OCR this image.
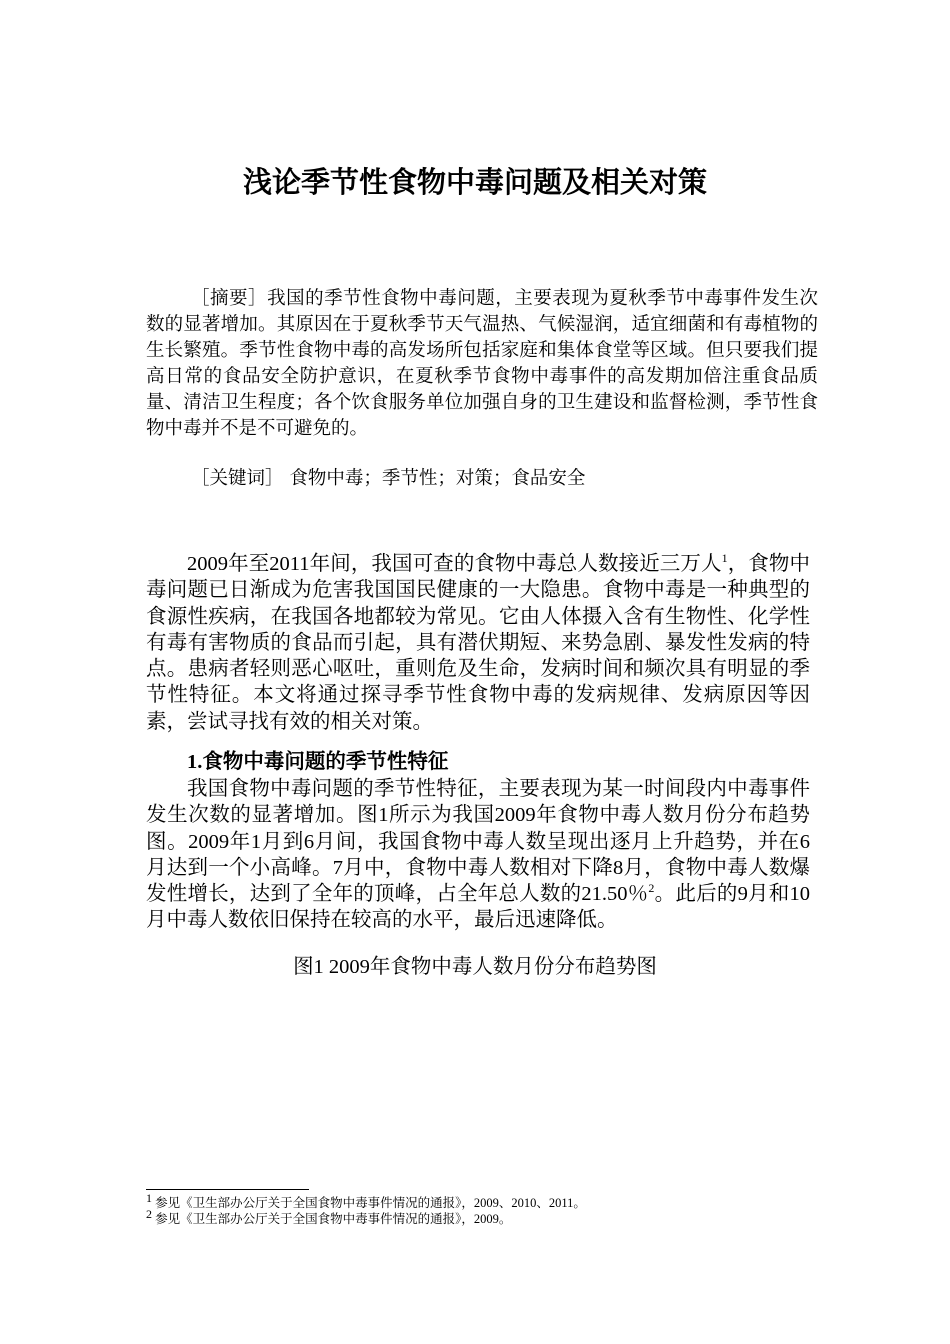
浅论季节性食物中毒问题及相关对策

［摘要］我国的季节性食物中毒问题，主要表现为夏秋季节中毒事件发生次数的显著增加。其原因在于夏秋季节天气温热、气候湿润，适宜细菌和有毒植物的生长繁殖。季节性食物中毒的高发场所包括家庭和集体食堂等区域。但只要我们提高日常的食品安全防护意识，在夏秋季节食物中毒事件的高发期加倍注重食品质量、清洁卫生程度；各个饮食服务单位加强自身的卫生建设和监督检测，季节性食物中毒并不是不可避免的。

［关键词］ 食物中毒；季节性；对策；食品安全

2009年至2011年间，我国可查的食物中毒总人数接近三万人$^1$，食物中毒问题已日渐成为危害我国国民健康的一大隐患。食物中毒是一种典型的食源性疾病，在我国各地都较为常见。它由人体摄入含有生物性、化学性有毒有害物质的食品而引起，具有潜伏期短、来势急剧、暴发性发病的特点。患病者轻则恶心呕吐，重则危及生命，发病时间和频次具有明显的季节性特征。本文将通过探寻季节性食物中毒的发病规律、发病原因等因素，尝试寻找有效的相关对策。

1.食物中毒问题的季节性特征

我国食物中毒问题的季节性特征，主要表现为某一时间段内中毒事件发生次数的显著增加。图1所示为我国2009年食物中毒人数月份分布趋势图。2009年1月到6月间，我国食物中毒人数呈现出逐月上升趋势，并在6月达到一个小高峰。7月中，食物中毒人数相对下降8月，食物中毒人数爆发性增长，达到了全年的顶峰，占全年总人数的21.50％$^2$。此后的9月和10月中毒人数依旧保持在较高的水平，最后迅速降低。

图1 2009年食物中毒人数月份分布趋势图

$^1$ 参见《卫生部办公厅关于全国食物中毒事件情况的通报》，2009、2010、2011。

$^2$ 参见《卫生部办公厅关于全国食物中毒事件情况的通报》，2009。
